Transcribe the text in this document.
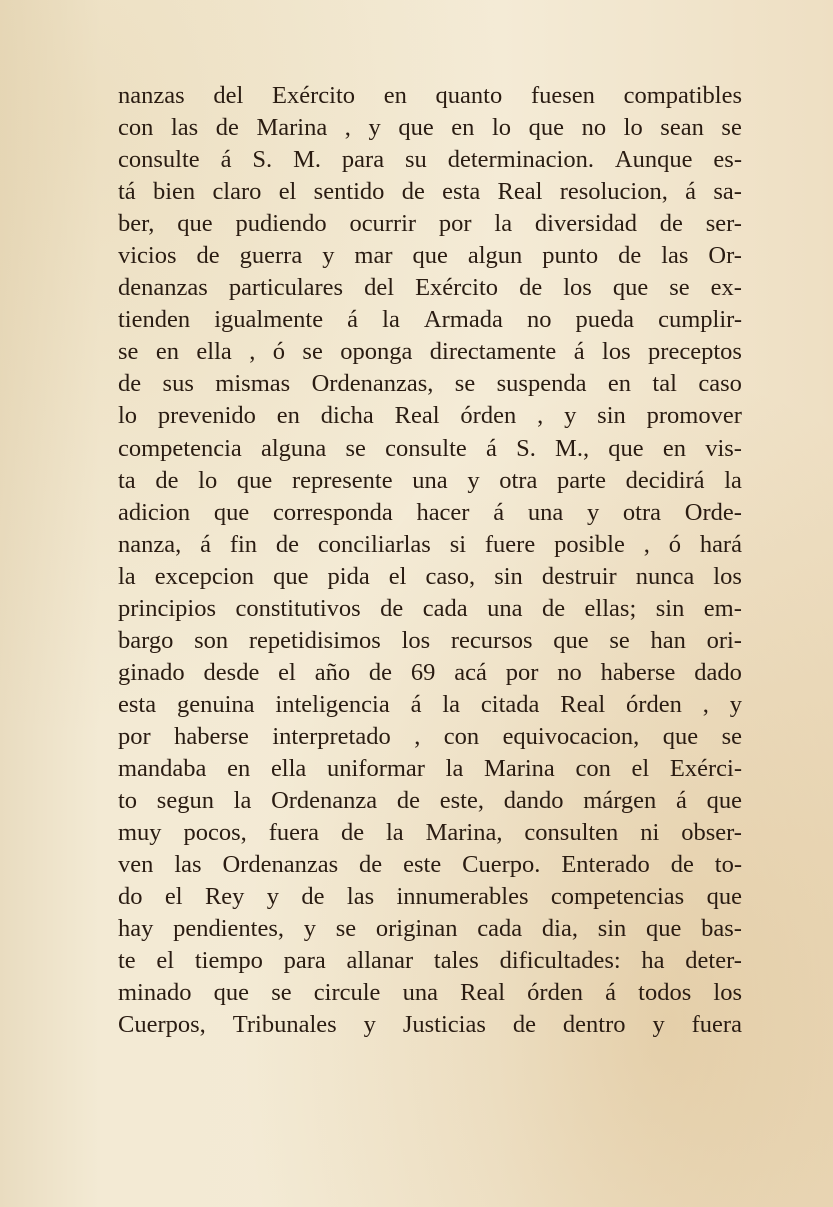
nanzas del Exército en quanto fuesen compatibles
con las de Marina , y que en lo que no lo sean se
consulte á S. M. para su determinacion. Aunque es-
tá bien claro el sentido de esta Real resolucion, á sa-
ber, que pudiendo ocurrir por la diversidad de ser-
vicios de guerra y mar que algun punto de las Or-
denanzas particulares del Exército de los que se ex-
tienden igualmente á la Armada no pueda cumplir-
se en ella , ó se oponga directamente á los preceptos
de sus mismas Ordenanzas, se suspenda en tal caso
lo prevenido en dicha Real órden , y sin promover
competencia alguna se consulte á S. M., que en vis-
ta de lo que represente una y otra parte decidirá la
adicion que corresponda hacer á una y otra Orde-
nanza, á fin de conciliarlas si fuere posible , ó hará
la excepcion que pida el caso, sin destruir nunca los
principios constitutivos de cada una de ellas; sin em-
bargo son repetidisimos los recursos que se han ori-
ginado desde el año de 69 acá por no haberse dado
esta genuina inteligencia á la citada Real órden , y
por haberse interpretado , con equivocacion, que se
mandaba en ella uniformar la Marina con el Exérci-
to segun la Ordenanza de este, dando márgen á que
muy pocos, fuera de la Marina, consulten ni obser-
ven las Ordenanzas de este Cuerpo. Enterado de to-
do el Rey y de las innumerables competencias que
hay pendientes, y se originan cada dia, sin que bas-
te el tiempo para allanar tales dificultades: ha deter-
minado que se circule una Real órden á todos los
Cuerpos, Tribunales y Justicias de dentro y fuera
